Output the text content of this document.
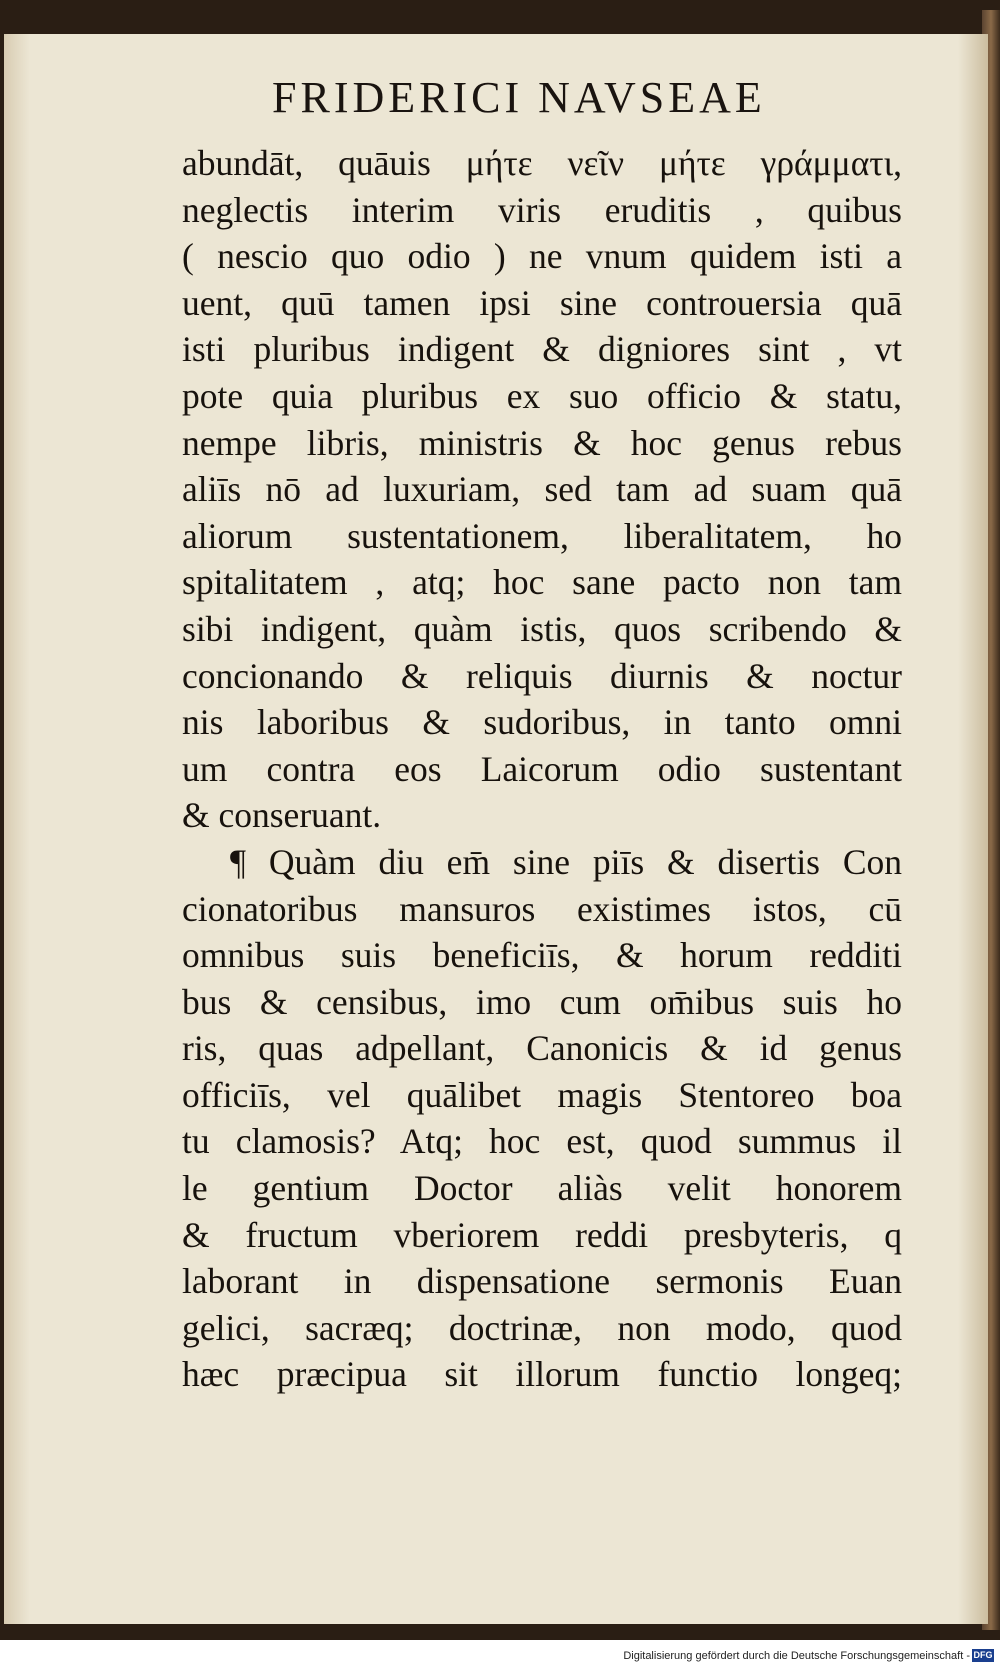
FRIDERICI NAVSEAE
abundāt, quāuis μήτε νεῖν μήτε γράμματι,
neglectis interim viris eruditis , quibus
( nescio quo odio ) ne vnum quidem isti a
uent, quū tamen ipsi sine controuersia quā
isti pluribus indigent & digniores sint , vt
pote quia pluribus ex suo officio & statu,
nempe libris, ministris & hoc genus rebus
aliīs nō ad luxuriam, sed tam ad suam quā
aliorum sustentationem, liberalitatem, ho
spitalitatem , atq; hoc sane pacto non tam
sibi indigent, quàm istis, quos scribendo &
concionando & reliquis diurnis & noctur
nis laboribus & sudoribus, in tanto omni
um contra eos Laicorum odio sustentant
& conseruant.
¶ Quàm diu em̄ sine piīs & disertis Con
cionatoribus mansuros existimes istos, cū
omnibus suis beneficiīs, & horum redditi
bus & censibus, imo cum om̄ibus suis ho
ris, quas adpellant, Canonicis & id genus
officiīs, vel quālibet magis Stentoreo boa
tu clamosis? Atq; hoc est, quod summus il
le gentium Doctor aliàs velit honorem
& fructum vberiorem reddi presbyteris, q
laborant in dispensatione sermonis Euan
gelici, sacræq; doctrinæ, non modo, quod
hæc præcipua sit illorum functio longeq;
Digitalisierung gefördert durch die Deutsche Forschungsgemeinschaft - DFG
